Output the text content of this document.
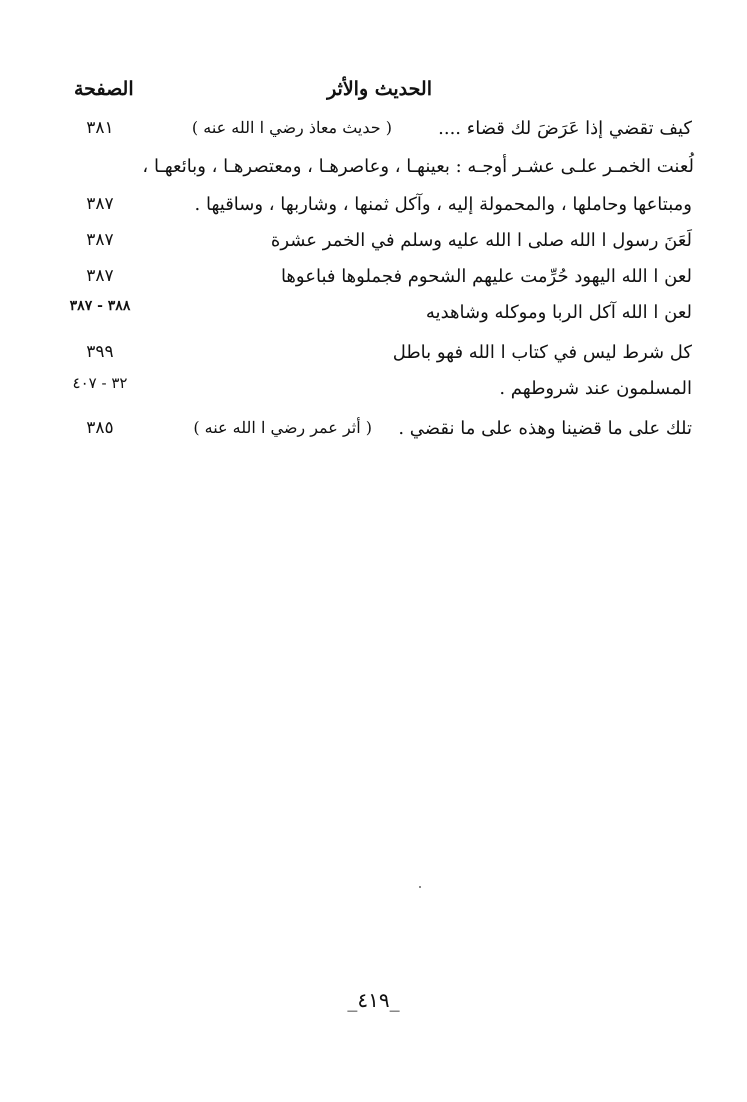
الحديث والأثر
الصفحة
كيف تقضي إذا عَرَضَ لك قضاء ....
( حديث معاذ رضي ا الله عنه )
٣٨١
لُعنت الخمـر علـى عشـر أوجـه : بعينهـا ، وعاصرهـا ، ومعتصرهـا ، وبائعهـا ،
ومبتاعها وحاملها ، والمحمولة إليه ، وآكل ثمنها ، وشاربها ، وساقيها .
٣٨٧
لَعَنَ رسول ا الله صلى ا الله عليه وسلم في الخمر عشرة
٣٨٧
لعن ا الله اليهود حُرِّمت عليهم الشحوم فجملوها فباعوها
٣٨٧
لعن ا الله آكل الربا وموكله وشاهديه
٣٨٨ - ٣٨٧
كل شرط ليس في كتاب ا الله فهو باطل
٣٩٩
المسلمون عند شروطهم .
٣٢ - ٤٠٧
تلك على ما قضينا وهذه على ما نقضي .
( أثر عمر رضي ا الله عنه )
٣٨٥
_٤١٩_
